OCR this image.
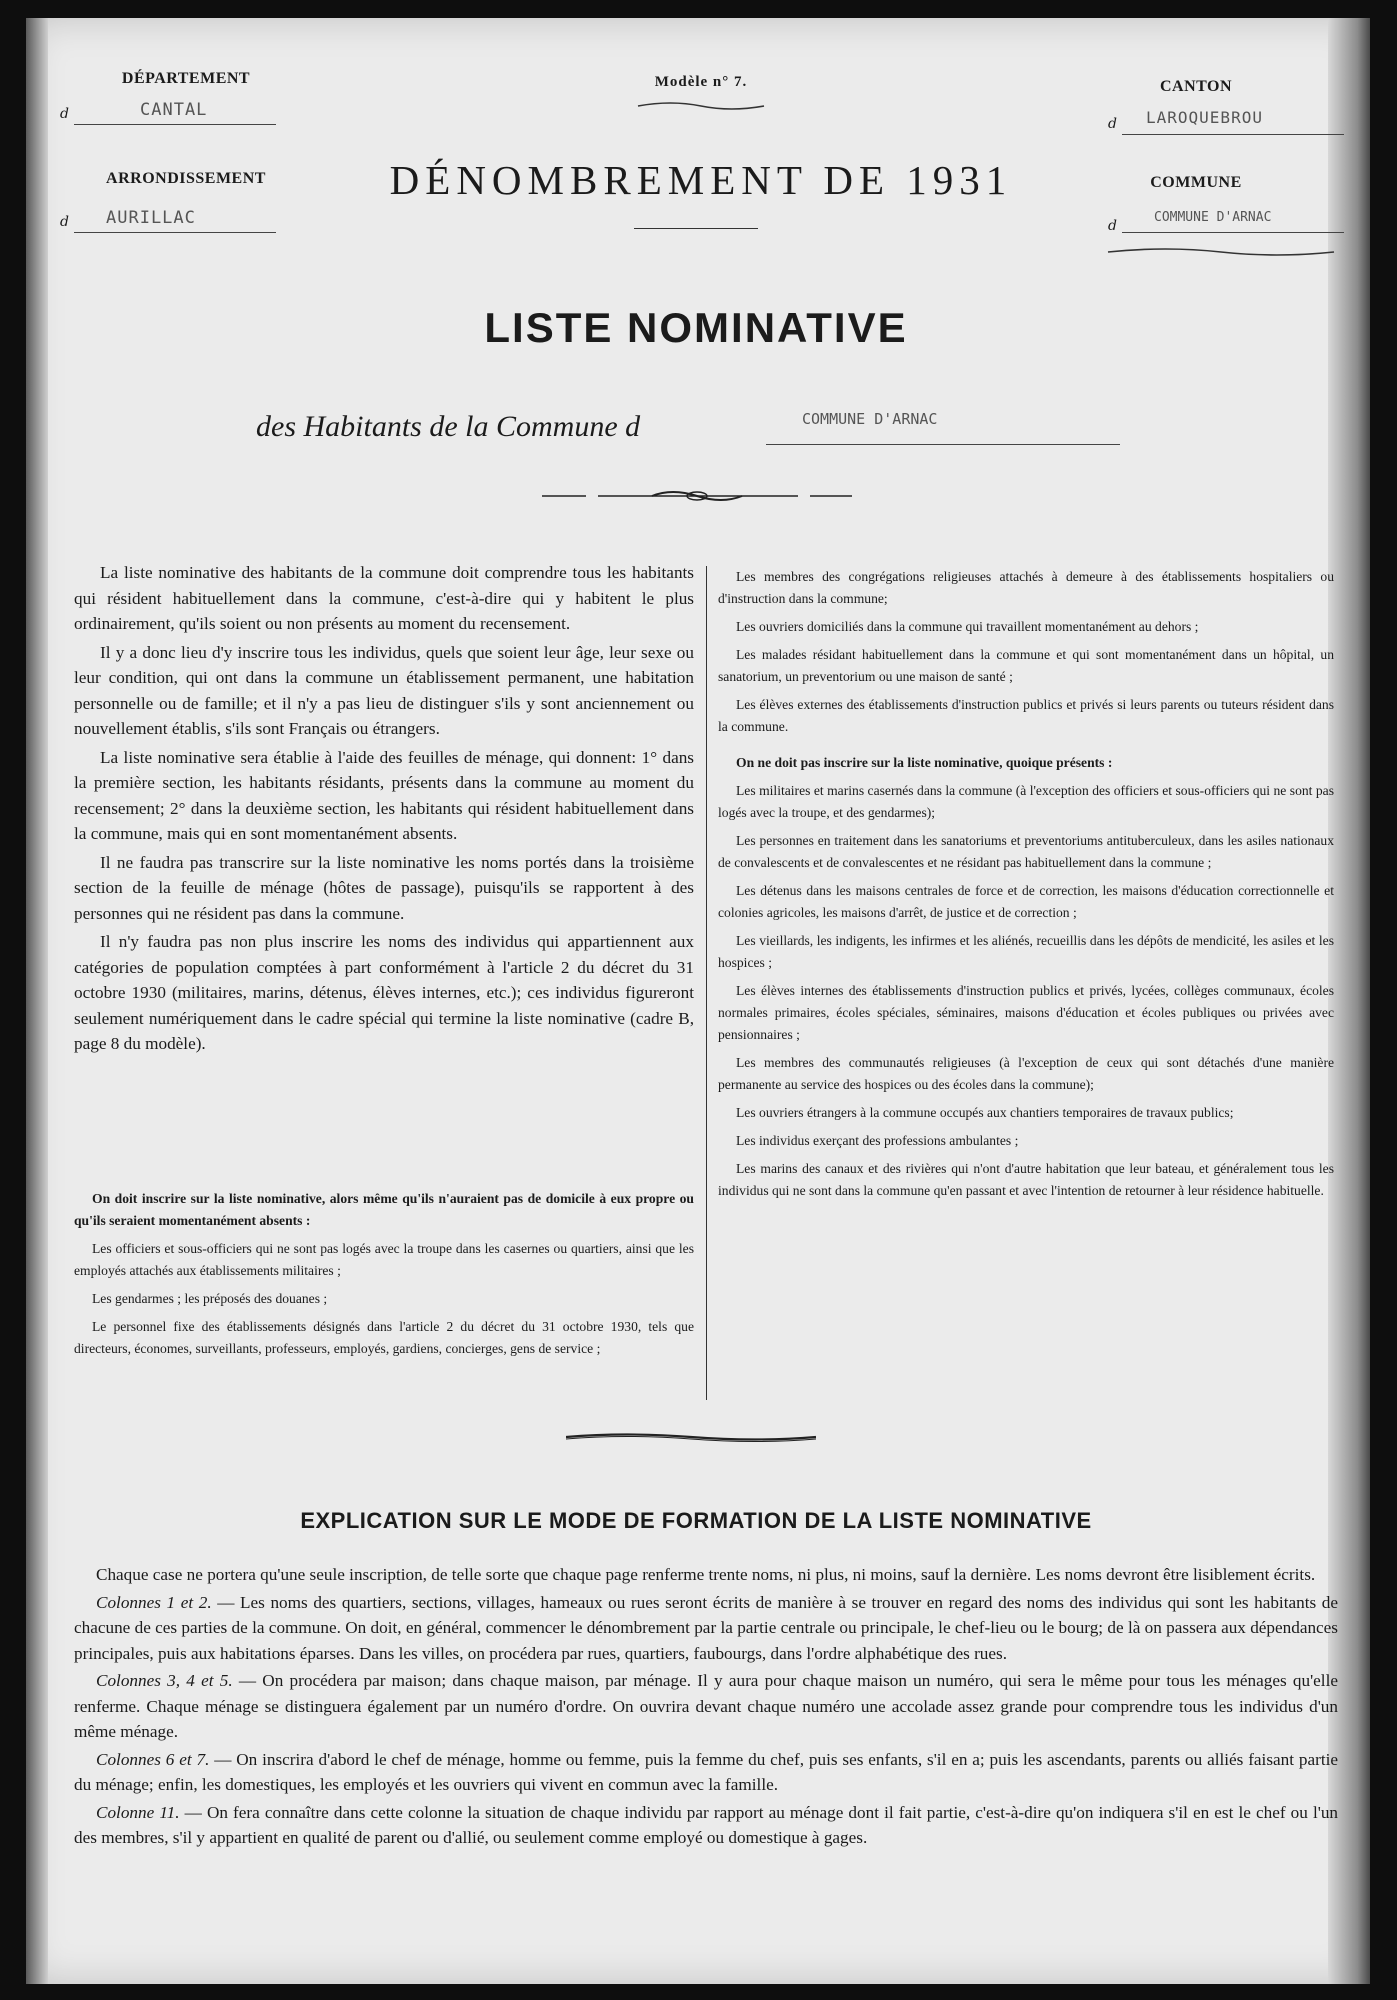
DÉPARTEMENT
d	CANTAL
ARRONDISSEMENT
d AURILLAC
Modèle n° 7.
DÉNOMBREMENT DE 1931
CANTON
d LAROQUEBROU
COMMUNE
d
COMMUNE D'ARNAC
LISTE NOMINATIVE
des Habitants de la Commune d	COMMUNE D'ARNAC

La liste nominative des habitants de la commune doit comprendre tous les habitants qui résident habituellement dans la commune, c'est-à-dire qui y habitent le plus ordinairement, qu'ils soient ou non présents au moment du recensement.

Il y a donc lieu d'y inscrire tous les individus, quels que soient leur âge, leur sexe ou leur condition, qui ont dans la commune un établissement permanent, une habitation personnelle ou de famille; et il n'y a pas lieu de distinguer s'ils y sont anciennement ou nouvellement établis, s'ils sont Français ou étrangers.

La liste nominative sera établie à l'aide des feuilles de ménage, qui donnent: 1° dans la première section, les habitants résidants, présents dans la commune au moment du recensement; 2° dans la deuxième section, les habitants qui résident habituellement dans la commune, mais qui en sont momentanément absents.

Il ne faudra pas transcrire sur la liste nominative les noms portés dans la troisième section de la feuille de ménage (hôtes de passage), puisqu'ils se rapportent à des personnes qui ne résident pas dans la commune.

Il n'y faudra pas non plus inscrire les noms des individus qui appartiennent aux catégories de population comptées à part conformément à l'article 2 du décret du 31 octobre 1930 (militaires, marins, détenus, élèves internes, etc.); ces individus figureront seulement numériquement dans le cadre spécial qui termine la liste nominative (cadre B, page 8 du modèle).

On doit inscrire sur la liste nominative, alors même qu'ils n'auraient pas de domicile à eux propre ou qu'ils seraient momentanément absents :

Les officiers et sous-officiers qui ne sont pas logés avec la troupe dans les casernes ou quartiers, ainsi que les employés attachés aux établissements militaires ;

Les gendarmes ; les préposés des douanes ;

Le personnel fixe des établissements désignés dans l'article 2 du décret du 31 octobre 1930, tels que directeurs, économes, surveillants, professeurs, employés, gardiens, concierges, gens de service ;

Les membres des congrégations religieuses attachés à demeure à des établissements hospitaliers ou d'instruction dans la commune;

Les ouvriers domiciliés dans la commune qui travaillent momentanément au dehors ;

Les malades résidant habituellement dans la commune et qui sont momentanément dans un hôpital, un sanatorium, un preventorium ou une maison de santé ;

Les élèves externes des établissements d'instruction publics et privés si leurs parents ou tuteurs résident dans la commune.

On ne doit pas inscrire sur la liste nominative, quoique présents :

Les militaires et marins casernés dans la commune (à l'exception des officiers et sous-officiers qui ne sont pas logés avec la troupe, et des gendarmes);

Les personnes en traitement dans les sanatoriums et preventoriums antituberculeux, dans les asiles nationaux de convalescents et de convalescentes et ne résidant pas habituellement dans la commune ;

Les détenus dans les maisons centrales de force et de correction, les maisons d'éducation correctionnelle et colonies agricoles, les maisons d'arrêt, de justice et de correction ;

Les vieillards, les indigents, les infirmes et les aliénés, recueillis dans les dépôts de mendicité, les asiles et les hospices ;

Les élèves internes des établissements d'instruction publics et privés, lycées, collèges communaux, écoles normales primaires, écoles spéciales, séminaires, maisons d'éducation et écoles publiques ou privées avec pensionnaires ;

Les membres des communautés religieuses (à l'exception de ceux qui sont détachés d'une manière permanente au service des hospices ou des écoles dans la commune);

Les ouvriers étrangers à la commune occupés aux chantiers temporaires de travaux publics;

Les individus exerçant des professions ambulantes ;

Les marins des canaux et des rivières qui n'ont d'autre habitation que leur bateau, et généralement tous les individus qui ne sont dans la commune qu'en passant et avec l'intention de retourner à leur résidence habituelle.

EXPLICATION SUR LE MODE DE FORMATION DE LA LISTE NOMINATIVE

Chaque case ne portera qu'une seule inscription, de telle sorte que chaque page renferme trente noms, ni plus, ni moins, sauf la dernière. Les noms devront être lisiblement écrits.

Colonnes 1 et 2. — Les noms des quartiers, sections, villages, hameaux ou rues seront écrits de manière à se trouver en regard des noms des individus qui sont les habitants de chacune de ces parties de la commune. On doit, en général, commencer le dénombrement par la partie centrale ou principale, le chef-lieu ou le bourg; de là on passera aux dépendances principales, puis aux habitations éparses. Dans les villes, on procédera par rues, quartiers, faubourgs, dans l'ordre alphabétique des rues.

Colonnes 3, 4 et 5. — On procédera par maison; dans chaque maison, par ménage. Il y aura pour chaque maison un numéro, qui sera le même pour tous les ménages qu'elle renferme. Chaque ménage se distinguera également par un numéro d'ordre. On ouvrira devant chaque numéro une accolade assez grande pour comprendre tous les individus d'un même ménage.

Colonnes 6 et 7. — On inscrira d'abord le chef de ménage, homme ou femme, puis la femme du chef, puis ses enfants, s'il en a; puis les ascendants, parents ou alliés faisant partie du ménage; enfin, les domestiques, les employés et les ouvriers qui vivent en commun avec la famille.

Colonne 11. — On fera connaître dans cette colonne la situation de chaque individu par rapport au ménage dont il fait partie, c'est-à-dire qu'on indiquera s'il en est le chef ou l'un des membres, s'il y appartient en qualité de parent ou d'allié, ou seulement comme employé ou domestique à gages.
